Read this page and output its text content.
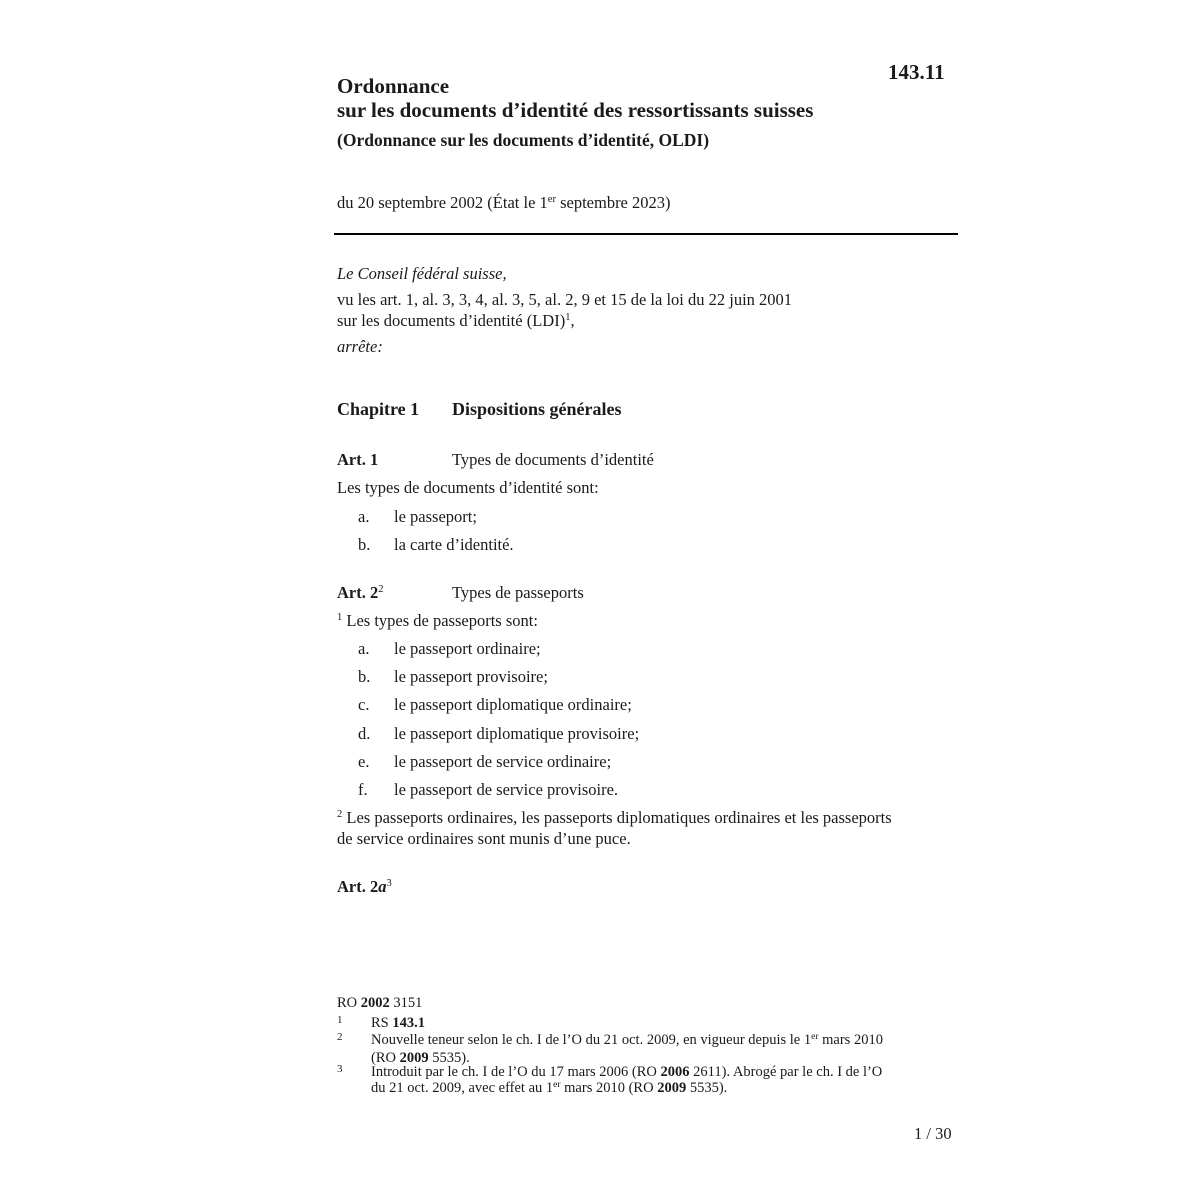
143.11
Ordonnance
sur les documents d’identité des ressortissants suisses
(Ordonnance sur les documents d’identité, OLDI)
du 20 septembre 2002 (État le 1er septembre 2023)
Le Conseil fédéral suisse,
vu les art. 1, al. 3, 3, 4, al. 3, 5, al. 2, 9 et 15 de la loi du 22 juin 2001
sur les documents d’identité (LDI)$^1$,
arrête:
Chapitre 1 Dispositions générales
Art. 1	Types de documents d’identité
Les types de documents d’identité sont:
a. le passeport;
b. la carte d’identité.
Art. $2^2$	Types de passeports
$^1$ Les types de passeports sont:
a. le passeport ordinaire;
b. le passeport provisoire;
c. le passeport diplomatique ordinaire;
d. le passeport diplomatique provisoire;
e. le passeport de service ordinaire;
f. le passeport de service provisoire.
$^2$ Les passeports ordinaires, les passeports diplomatiques ordinaires et les passeports
de service ordinaires sont munis d’une puce.
Art. $2a^3$
RO 2002 3151
1 RS 143.1
2 Nouvelle teneur selon le ch. I de l’O du 21 oct. 2009, en vigueur depuis le 1er mars 2010
(RO 2009 5535).
3 Introduit par le ch. I de l’O du 17 mars 2006 (RO 2006 2611). Abrogé par le ch. I de l’O
du 21 oct. 2009, avec effet au 1er mars 2010 (RO 2009 5535).
1 / 30
